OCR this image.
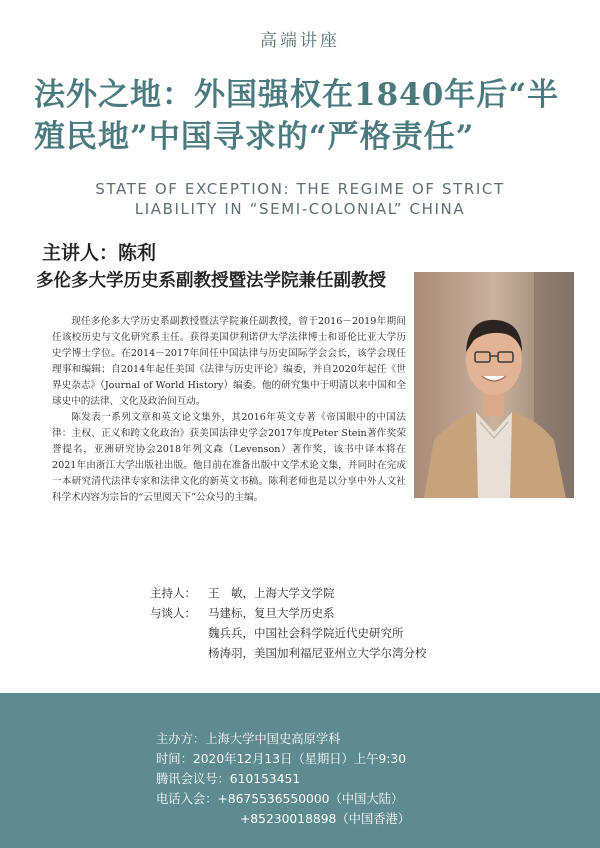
高端讲座
法外之地：外国强权在1840年后“半殖民地”中国寻求的“严格责任”
STATE OF EXCEPTION: THE REGIME OF STRICT
LIABILITY IN “SEMI-COLONIAL” CHINA
主讲人：陈利
多伦多大学历史系副教授暨法学院兼任副教授

现任多伦多大学历史系副教授暨法学院兼任副教授，曾于2016－2019年期间任该校历史与文化研究系主任。获得美国伊利诺伊大学法律博士和哥伦比亚大学历史学博士学位。在2014－2017年间任中国法律与历史国际学会会长，该学会现任理事和编辑；自2014年起任美国《法律与历史评论》编委，并自2020年起任《世界史杂志》（Journal of World History）编委。他的研究集中于明清以来中国和全球史中的法律、文化及政治间互动。

陈发表一系列文章和英文论文集外，其2016年英文专著《帝国眼中的中国法律：主权、正义和跨文化政治》获美国法律史学会2017年度Peter Stein著作奖荣誉提名，亚洲研究协会2018年列文森（Levenson）著作奖，该书中译本将在2021年由浙江大学出版社出版。他目前在准备出版中文学术论文集，并同时在完成一本研究清代法律专家和法律文化的新英文书稿。陈利老师也是以分享中外人文社科学术内容为宗旨的“云里阅天下”公众号的主编。

主持人：	王　敏，上海大学文学院
与谈人：	马建标，复旦大学历史系
魏兵兵，中国社会科学院近代史研究所
杨涛羽，美国加利福尼亚州立大学尔湾分校
主办方：上海大学中国史高原学科
时间：2020年12月13日（星期日）上午9:30
腾讯会议号：610153451
电话入会：+8675536550000（中国大陆）
+85230018898（中国香港）
